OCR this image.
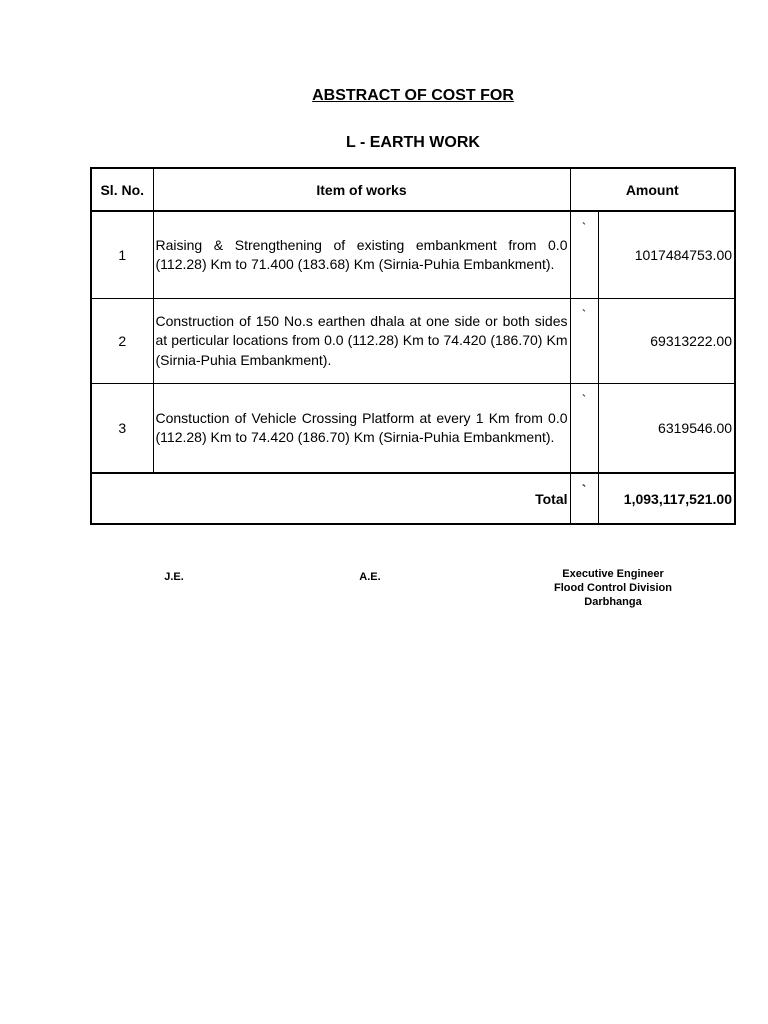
ABSTRACT OF COST FOR
L - EARTH WORK
Sl. No.	Item of works	Amount	
1	Raising & Strengthening of existing embankment from 0.0 (112.28) Km to 71.400 (183.68) Km (Sirnia-Puhia Embankment).	`	1017484753.00
2	Construction of 150 No.s earthen dhala at one side or both sides at perticular locations from 0.0 (112.28) Km to 74.420 (186.70) Km (Sirnia-Puhia Embankment).	`	69313222.00
3	Constuction of Vehicle Crossing Platform at every 1 Km from 0.0 (112.28) Km to 74.420 (186.70) Km (Sirnia-Puhia Embankment).	`	6319546.00
Total		`	1,093,117,521.00
J.E.	A.E.	Executive Engineer
Flood Control Division
Darbhanga
